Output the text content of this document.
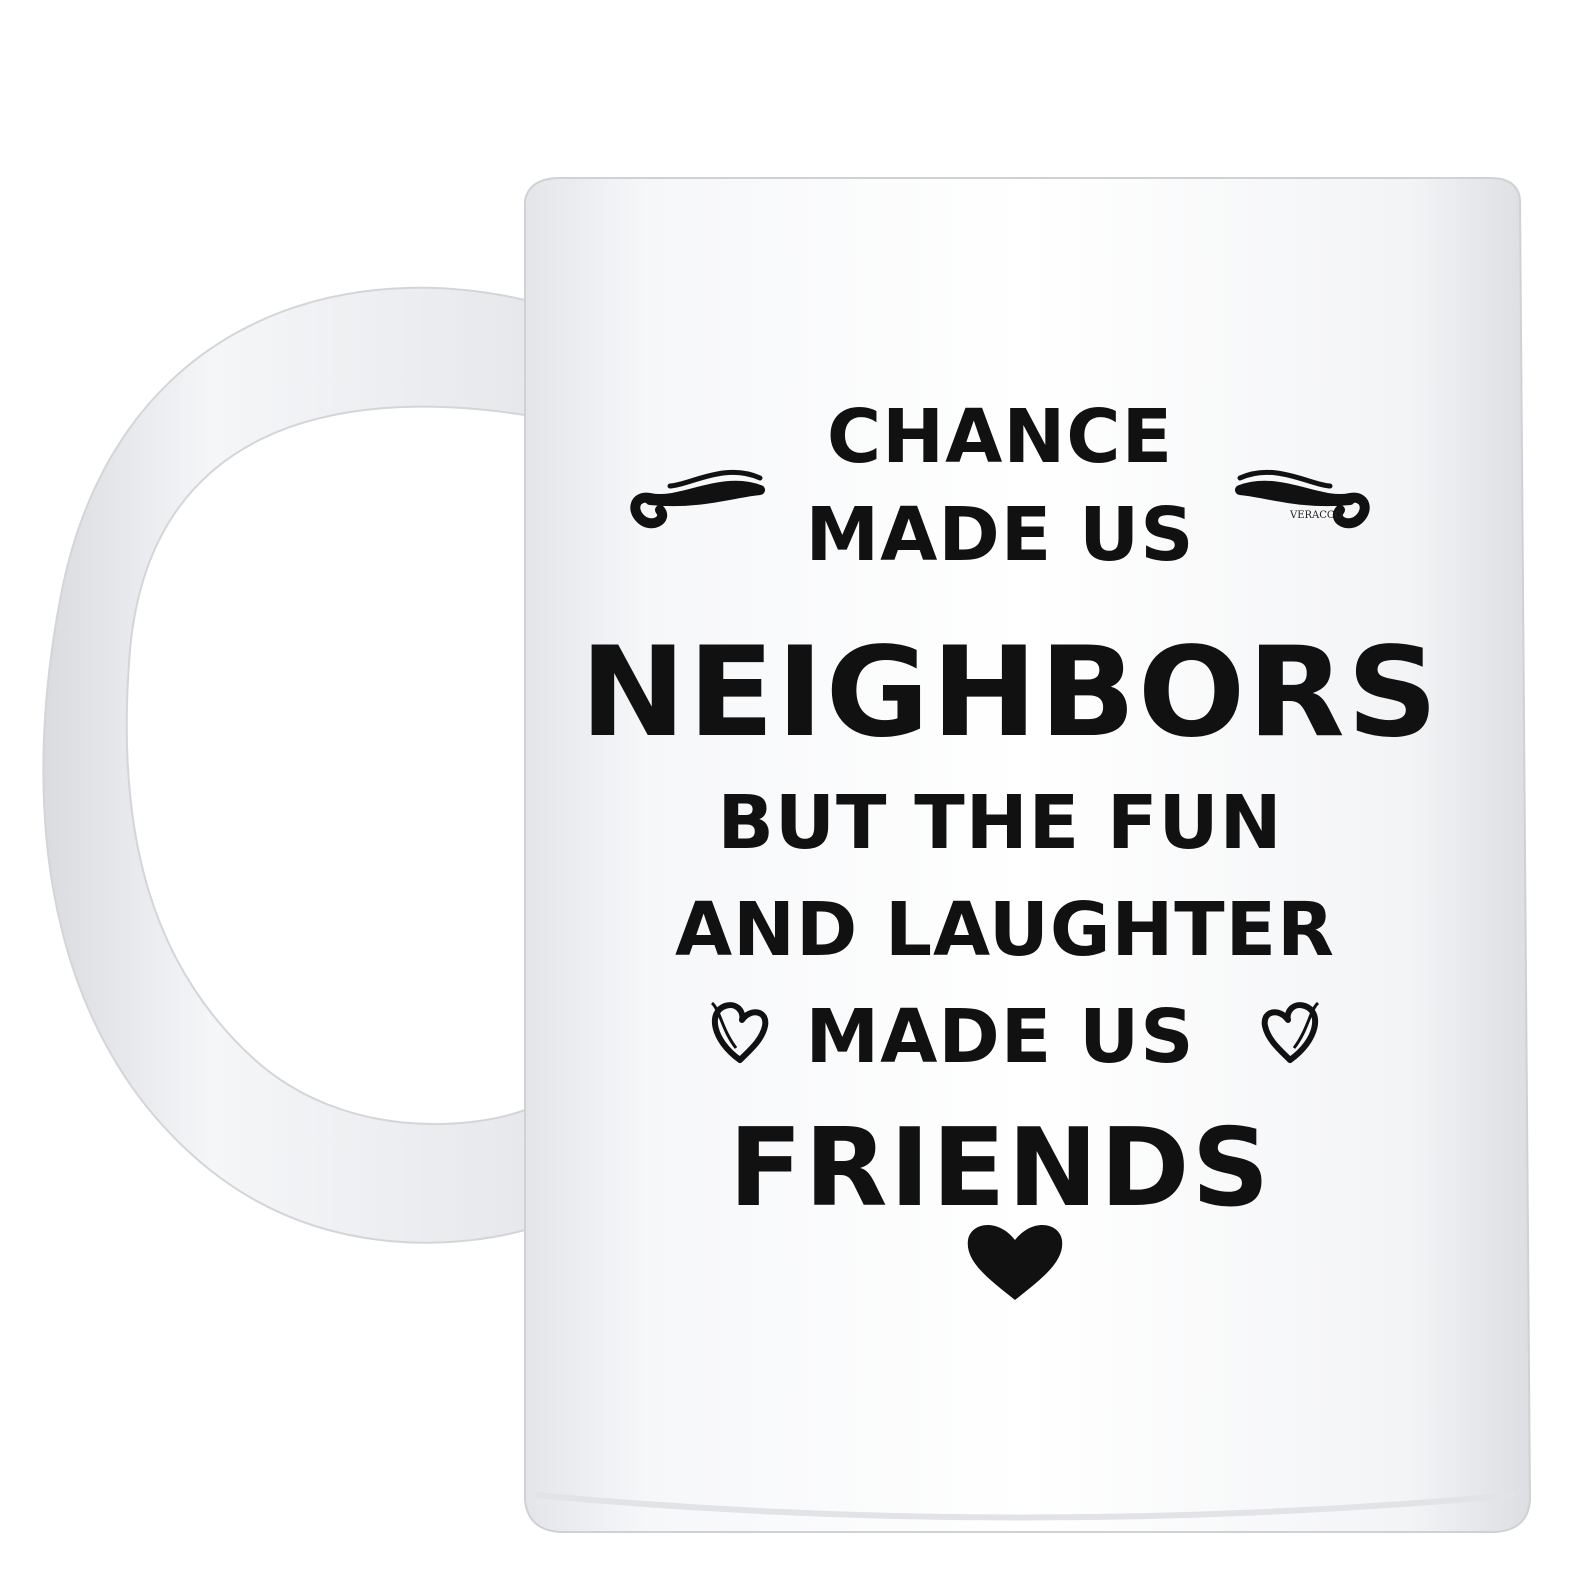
CHANCE
MADE US
NEIGHBORS
BUT THE FUN
AND LAUGHTER
MADE US
FRIENDS
VERACCO
